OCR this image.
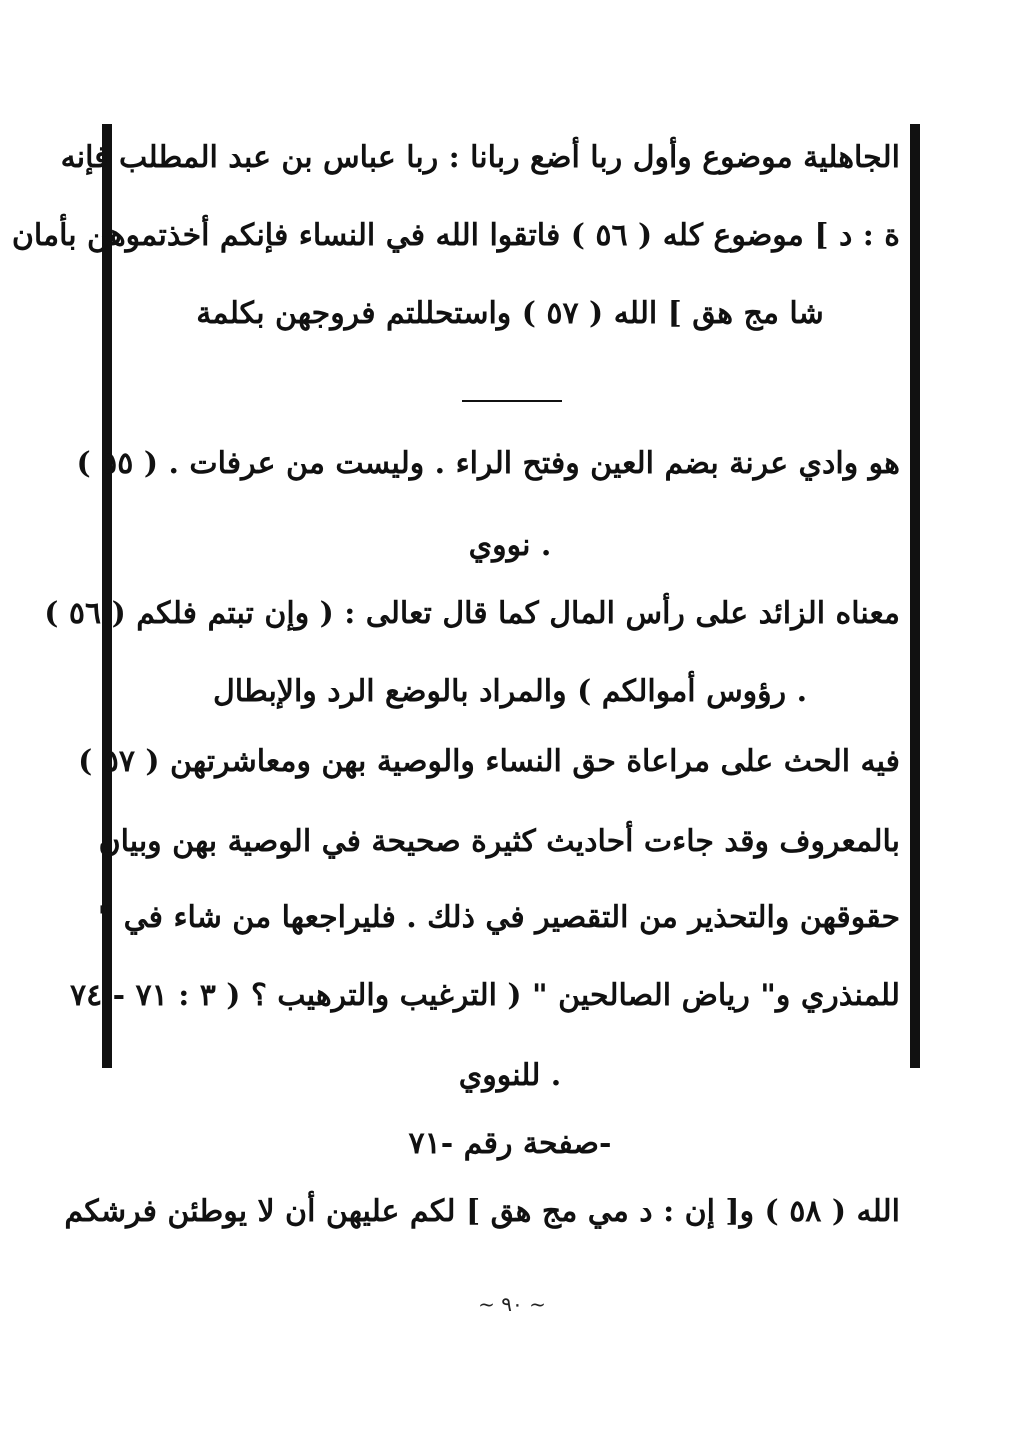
الجاهلية موضوع وأول ربا أضع ربانا : ربا عباس بن عبد المطلب فإنه
ة : د ] موضوع كله ( ٥٦ ) فاتقوا الله في النساء فإنكم أخذتموهن بأمان
شا مج هق ] الله ( ٥٧ ) واستحللتم فروجهن بكلمة
هو وادي عرنة بضم العين وفتح الراء . وليست من عرفات . ( ٥٥ )
. نووي
معناه الزائد على رأس المال كما قال تعالى : ( وإن تبتم فلكم ( ٥٦ )
. رؤوس أموالكم ) والمراد بالوضع الرد والإبطال
فيه الحث على مراعاة حق النساء والوصية بهن ومعاشرتهن ( ٥٧ )
بالمعروف وقد جاءت أحاديث كثيرة صحيحة في الوصية بهن وبيان
حقوقهن والتحذير من التقصير في ذلك . فليراجعها من شاء في "
للمنذري و" رياض الصالحين " ( الترغيب والترهيب ؟ ( ٣ : ٧١ - ٧٤
. للنووي
-صفحة رقم -٧١
الله ( ٥٨ ) و[ إن : د مي مج هق ] لكم عليهن أن لا يوطئن فرشكم
~ ٩٠ ~
